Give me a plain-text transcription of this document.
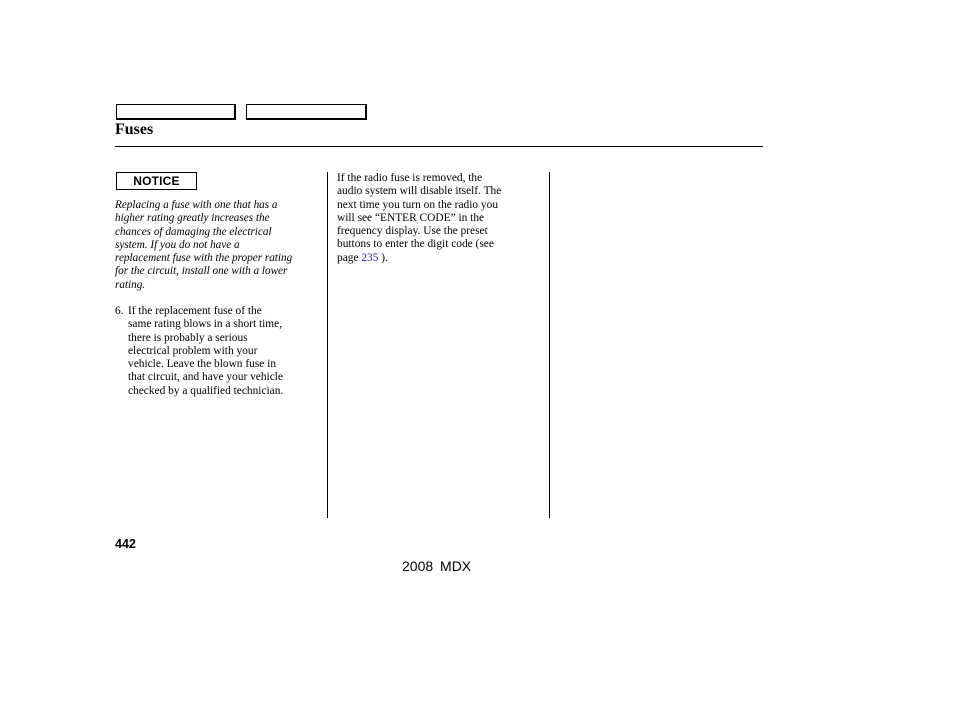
Fuses
NOTICE
Replacing a fuse with one that has a
higher rating greatly increases the
chances of damaging the electrical
system. If you do not have a
replacement fuse with the proper rating
for the circuit, install one with a lower
rating.
6. If the replacement fuse of the
same rating blows in a short time,
there is probably a serious
electrical problem with your
vehicle. Leave the blown fuse in
that circuit, and have your vehicle
checked by a qualified technician.
If the radio fuse is removed, the
audio system will disable itself. The
next time you turn on the radio you
will see “ENTER CODE” in the
frequency display. Use the preset
buttons to enter the digit code (see
page 235 ).
442
2008 MDX
